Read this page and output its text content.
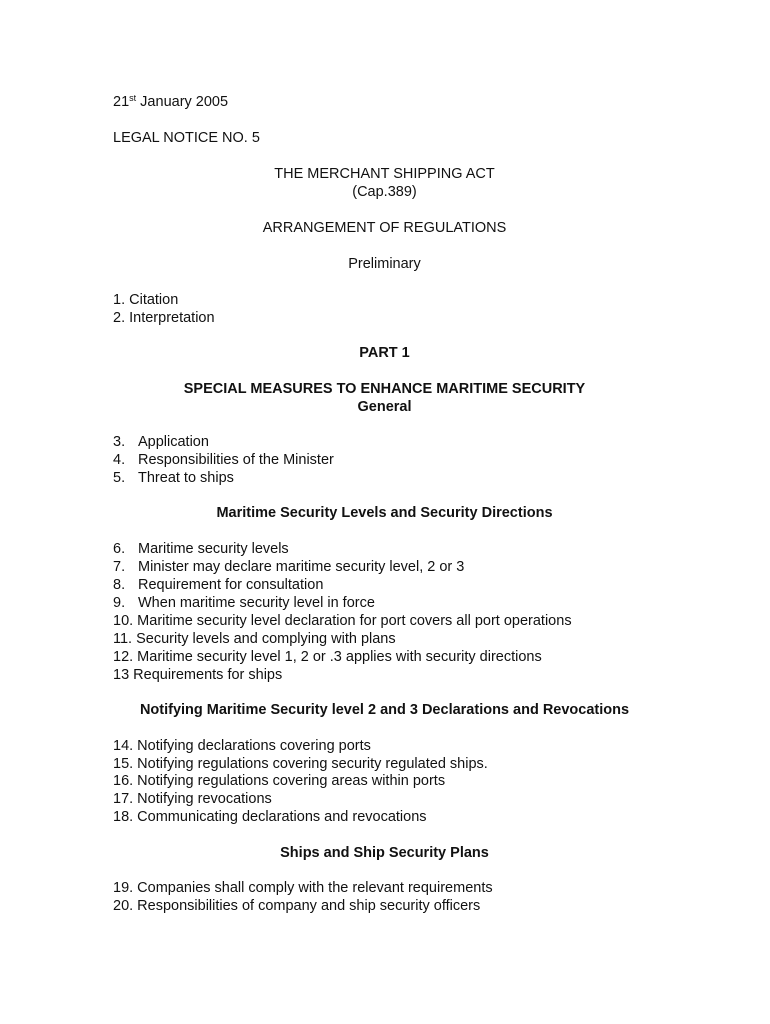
21st January 2005
LEGAL NOTICE NO. 5
THE MERCHANT SHIPPING ACT
(Cap.389)
ARRANGEMENT OF REGULATIONS
Preliminary
1. Citation
2. Interpretation
PART 1
SPECIAL MEASURES TO ENHANCE MARITIME SECURITY
General
3. Application
4. Responsibilities of the Minister
5. Threat to ships
Maritime Security Levels and Security Directions
6. Maritime security levels
7. Minister may declare maritime security level, 2 or 3
8. Requirement for consultation
9. When maritime security level in force
10. Maritime security level declaration for port covers all port operations
11. Security levels and complying with plans
12. Maritime security level 1, 2 or .3 applies with security directions
13 Requirements for ships
Notifying Maritime Security level 2 and 3 Declarations and Revocations
14. Notifying declarations covering ports
15. Notifying regulations covering security regulated ships.
16. Notifying regulations covering areas within ports
17. Notifying revocations
18. Communicating declarations and revocations
Ships and Ship Security Plans
19. Companies shall comply with the relevant requirements
20. Responsibilities of company and ship security officers
